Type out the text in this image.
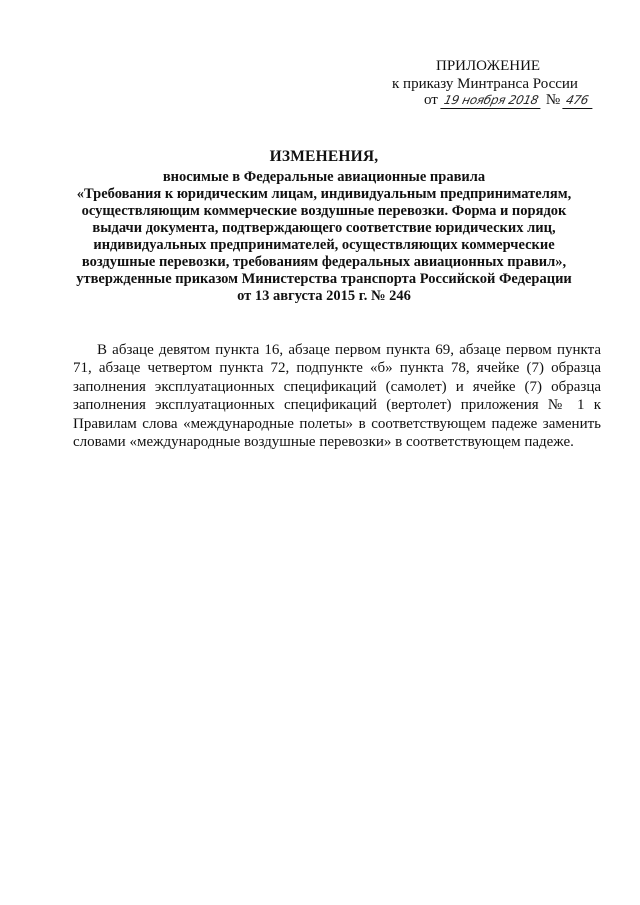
ПРИЛОЖЕНИЕ
к приказу Минтранса России
от 19 ноября 2018 № 476
ИЗМЕНЕНИЯ,
вносимые в Федеральные авиационные правила
«Требования к юридическим лицам, индивидуальным предпринимателям,
осуществляющим коммерческие воздушные перевозки. Форма и порядок
выдачи документа, подтверждающего соответствие юридических лиц,
индивидуальных предпринимателей, осуществляющих коммерческие
воздушные перевозки, требованиям федеральных авиационных правил»,
утвержденные приказом Министерства транспорта Российской Федерации
от 13 августа 2015 г. № 246

В абзаце девятом пункта 16, абзаце первом пункта 69, абзаце первом пункта 71, абзаце четвертом пункта 72, подпункте «б» пункта 78, ячейке (7) образца заполнения эксплуатационных спецификаций (самолет) и ячейке (7) образца заполнения эксплуатационных спецификаций (вертолет) приложения № 1 к Правилам слова «международные полеты» в соответствующем падеже заменить словами «международные воздушные перевозки» в соответствующем падеже.
